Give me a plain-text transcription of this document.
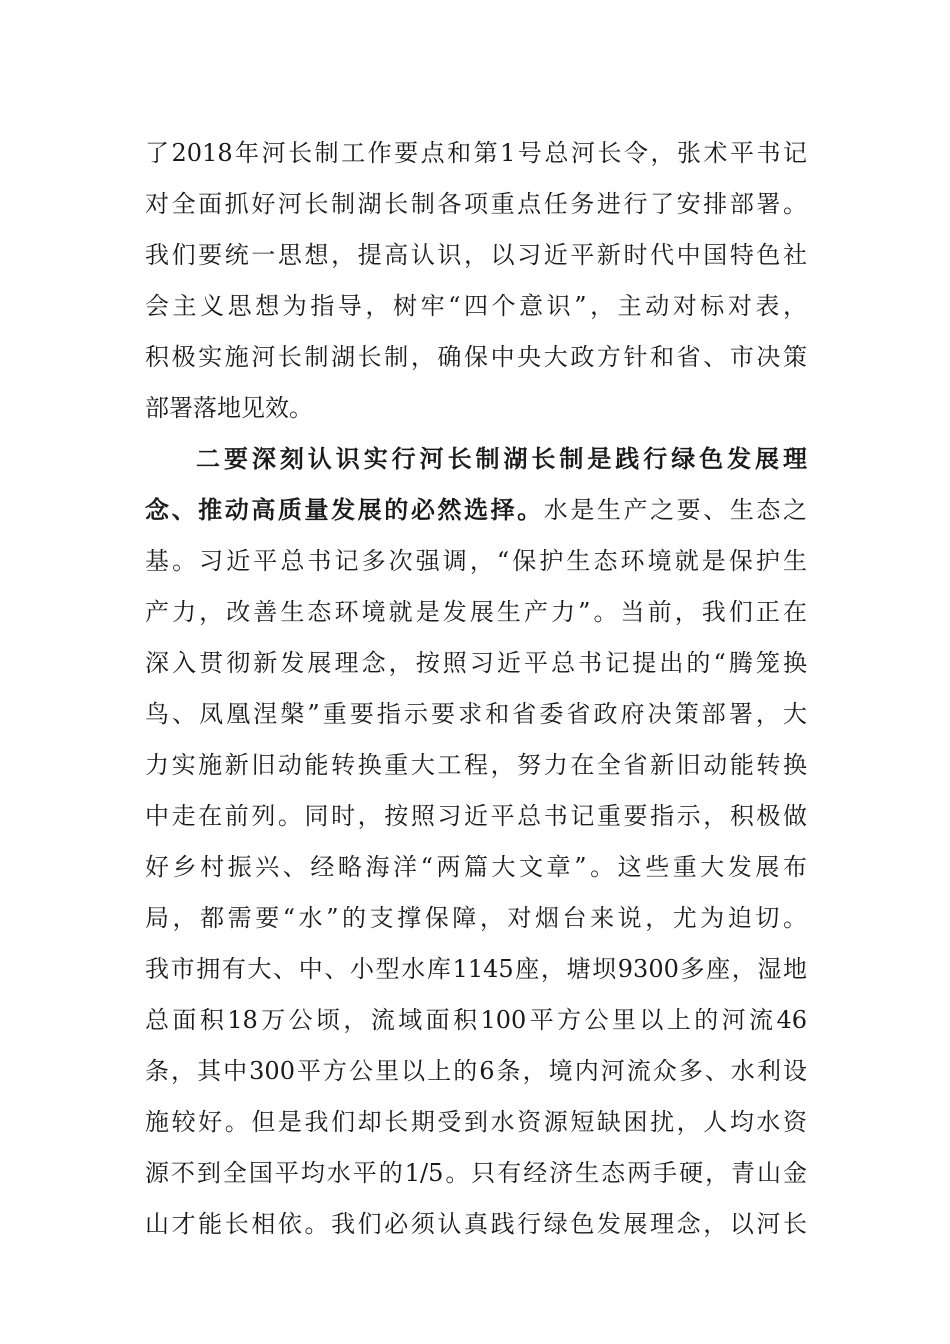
了2018年河长制工作要点和第1号总河长令，张术平书记
对全面抓好河长制湖长制各项重点任务进行了安排部署。
我们要统一思想，提高认识，以习近平新时代中国特色社
会主义思想为指导，树牢“四个意识”，主动对标对表，
积极实施河长制湖长制，确保中央大政方针和省、市决策
部署落地见效。
二要深刻认识实行河长制湖长制是践行绿色发展理
念、推动高质量发展的必然选择。水是生产之要、生态之
基。习近平总书记多次强调，“保护生态环境就是保护生
产力，改善生态环境就是发展生产力”。当前，我们正在
深入贯彻新发展理念，按照习近平总书记提出的“腾笼换
鸟、凤凰涅槃”重要指示要求和省委省政府决策部署，大
力实施新旧动能转换重大工程，努力在全省新旧动能转换
中走在前列。同时，按照习近平总书记重要指示，积极做
好乡村振兴、经略海洋“两篇大文章”。这些重大发展布
局，都需要“水”的支撑保障，对烟台来说，尤为迫切。
我市拥有大、中、小型水库1145座，塘坝9300多座，湿地
总面积18万公顷，流域面积100平方公里以上的河流46
条，其中300平方公里以上的6条，境内河流众多、水利设
施较好。但是我们却长期受到水资源短缺困扰，人均水资
源不到全国平均水平的1/5。只有经济生态两手硬，青山金
山才能长相依。我们必须认真践行绿色发展理念，以河长
